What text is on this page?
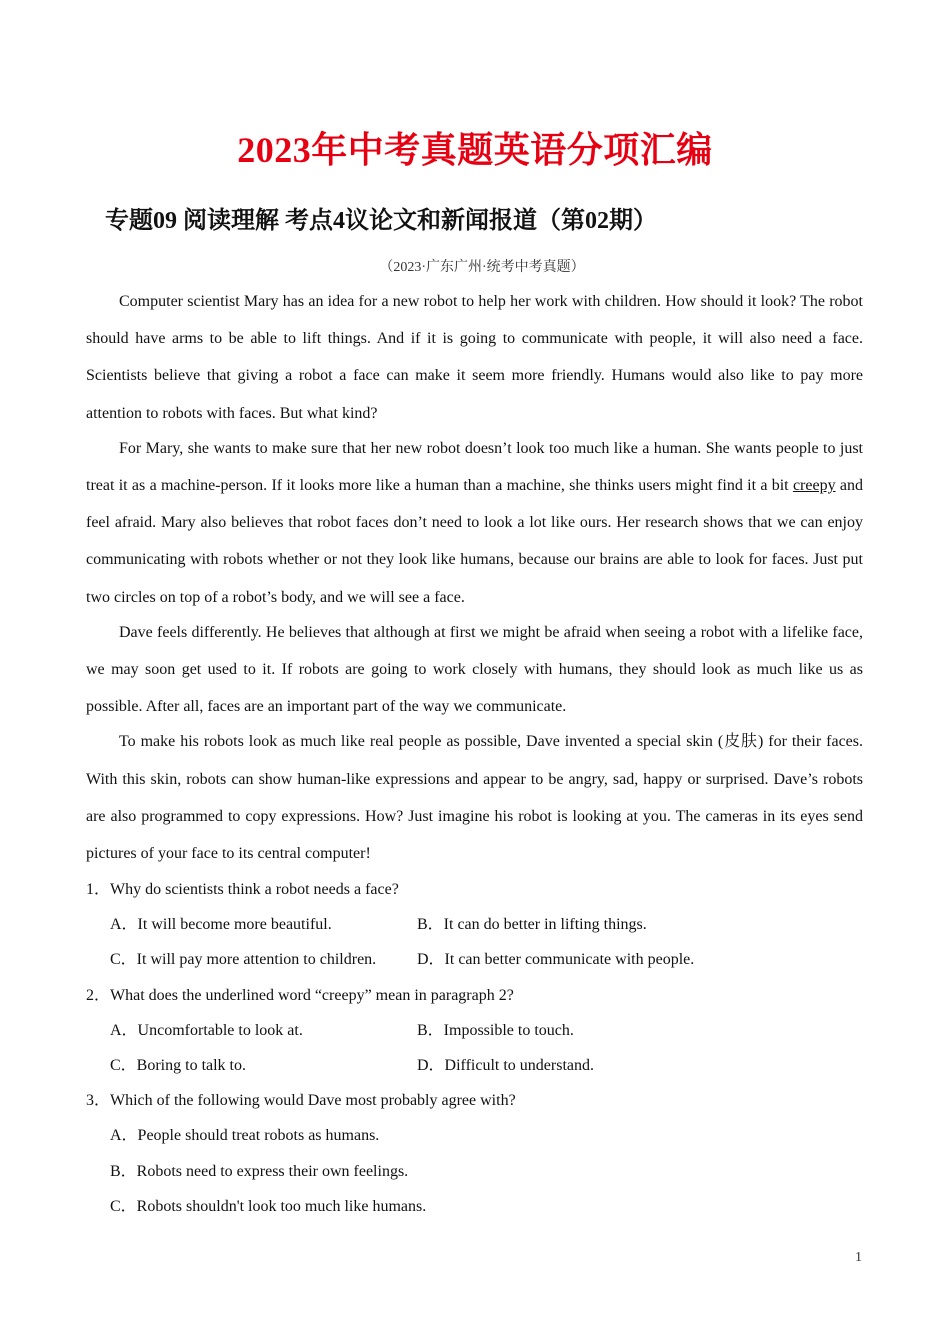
2023年中考真题英语分项汇编
专题09 阅读理解 考点4议论文和新闻报道（第02期）
（2023·广东广州·统考中考真题）

Computer scientist Mary has an idea for a new robot to help her work with children. How should it look? The robot should have arms to be able to lift things. And if it is going to communicate with people, it will also need a face. Scientists believe that giving a robot a face can make it seem more friendly. Humans would also like to pay more attention to robots with faces. But what kind?

For Mary, she wants to make sure that her new robot doesn’t look too much like a human. She wants people to just treat it as a machine-person. If it looks more like a human than a machine, she thinks users might find it a bit creepy and feel afraid. Mary also believes that robot faces don’t need to look a lot like ours. Her research shows that we can enjoy communicating with robots whether or not they look like humans, because our brains are able to look for faces. Just put two circles on top of a robot’s body, and we will see a face.

Dave feels differently. He believes that although at first we might be afraid when seeing a robot with a lifelike face, we may soon get used to it. If robots are going to work closely with humans, they should look as much like us as possible. After all, faces are an important part of the way we communicate.

To make his robots look as much like real people as possible, Dave invented a special skin (皮肤) for their faces. With this skin, robots can show human-like expressions and appear to be angry, sad, happy or surprised. Dave’s robots are also programmed to copy expressions. How? Just imagine his robot is looking at you. The cameras in its eyes send pictures of your face to its central computer!

1．Why do scientists think a robot needs a face?
A．It will become more beautiful.	B．It can do better in lifting things.
C．It will pay more attention to children.	D．It can better communicate with people.
2．What does the underlined word “creepy” mean in paragraph 2?
A．Uncomfortable to look at.	B．Impossible to touch.
C．Boring to talk to.	D．Difficult to understand.
3．Which of the following would Dave most probably agree with?
A．People should treat robots as humans.
B．Robots need to express their own feelings.
C．Robots shouldn't look too much like humans.
1
